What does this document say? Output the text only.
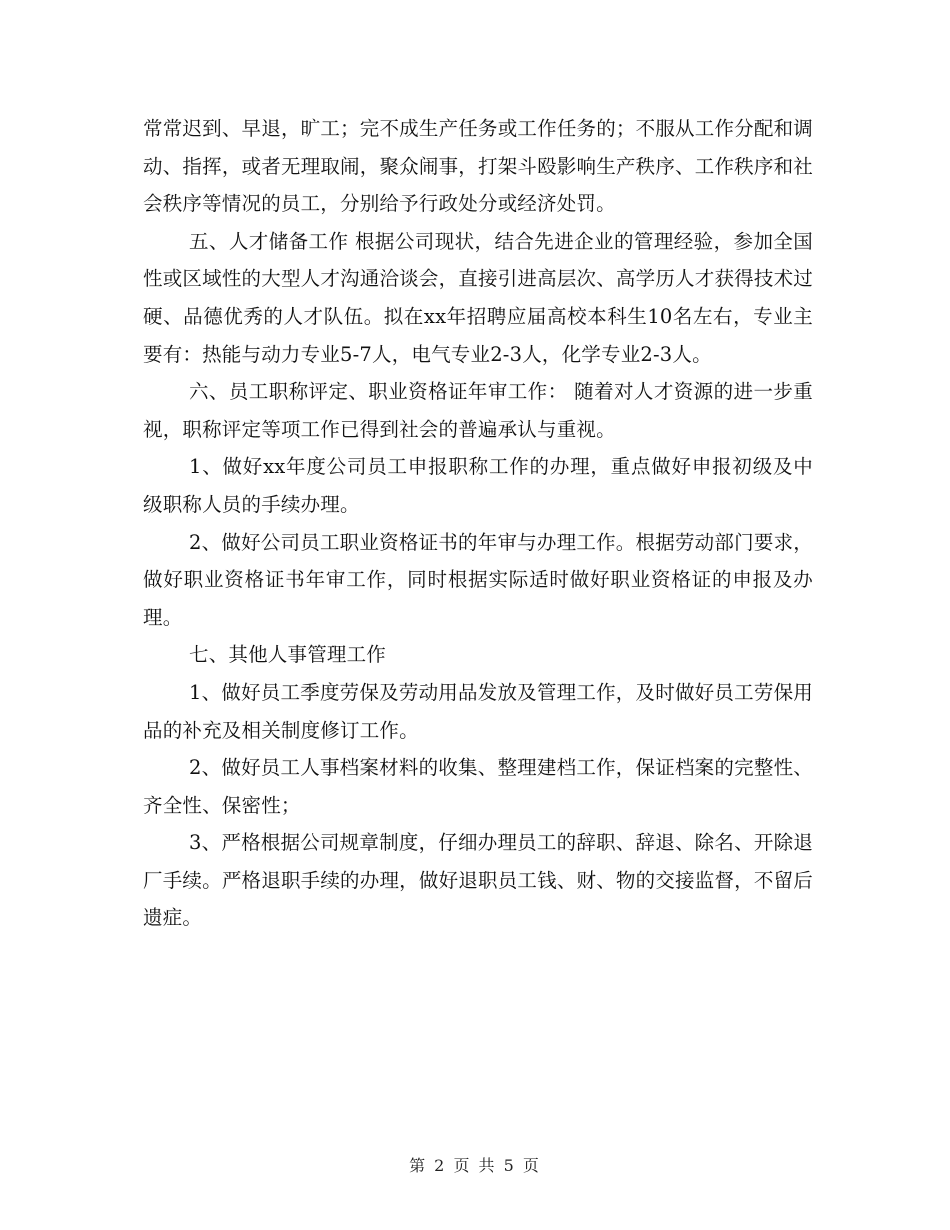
常常迟到、早退，旷工；完不成生产任务或工作任务的；不服从工作分配和调动、指挥，或者无理取闹，聚众闹事，打架斗殴影响生产秩序、工作秩序和社会秩序等情况的员工，分别给予行政处分或经济处罚。

五、人才储备工作 根据公司现状，结合先进企业的管理经验，参加全国性或区域性的大型人才沟通洽谈会，直接引进高层次、高学历人才获得技术过硬、品德优秀的人才队伍。拟在xx年招聘应届高校本科生10名左右，专业主要有：热能与动力专业5-7人，电气专业2-3人，化学专业2-3人。

六、员工职称评定、职业资格证年审工作： 随着对人才资源的进一步重视，职称评定等项工作已得到社会的普遍承认与重视。

1、做好xx年度公司员工申报职称工作的办理，重点做好申报初级及中级职称人员的手续办理。

2、做好公司员工职业资格证书的年审与办理工作。根据劳动部门要求，做好职业资格证书年审工作，同时根据实际适时做好职业资格证的申报及办理。

七、其他人事管理工作

1、做好员工季度劳保及劳动用品发放及管理工作，及时做好员工劳保用品的补充及相关制度修订工作。

2、做好员工人事档案材料的收集、整理建档工作，保证档案的完整性、齐全性、保密性；

3、严格根据公司规章制度，仔细办理员工的辞职、辞退、除名、开除退厂手续。严格退职手续的办理，做好退职员工钱、财、物的交接监督，不留后遗症。

第 2 页 共 5 页
